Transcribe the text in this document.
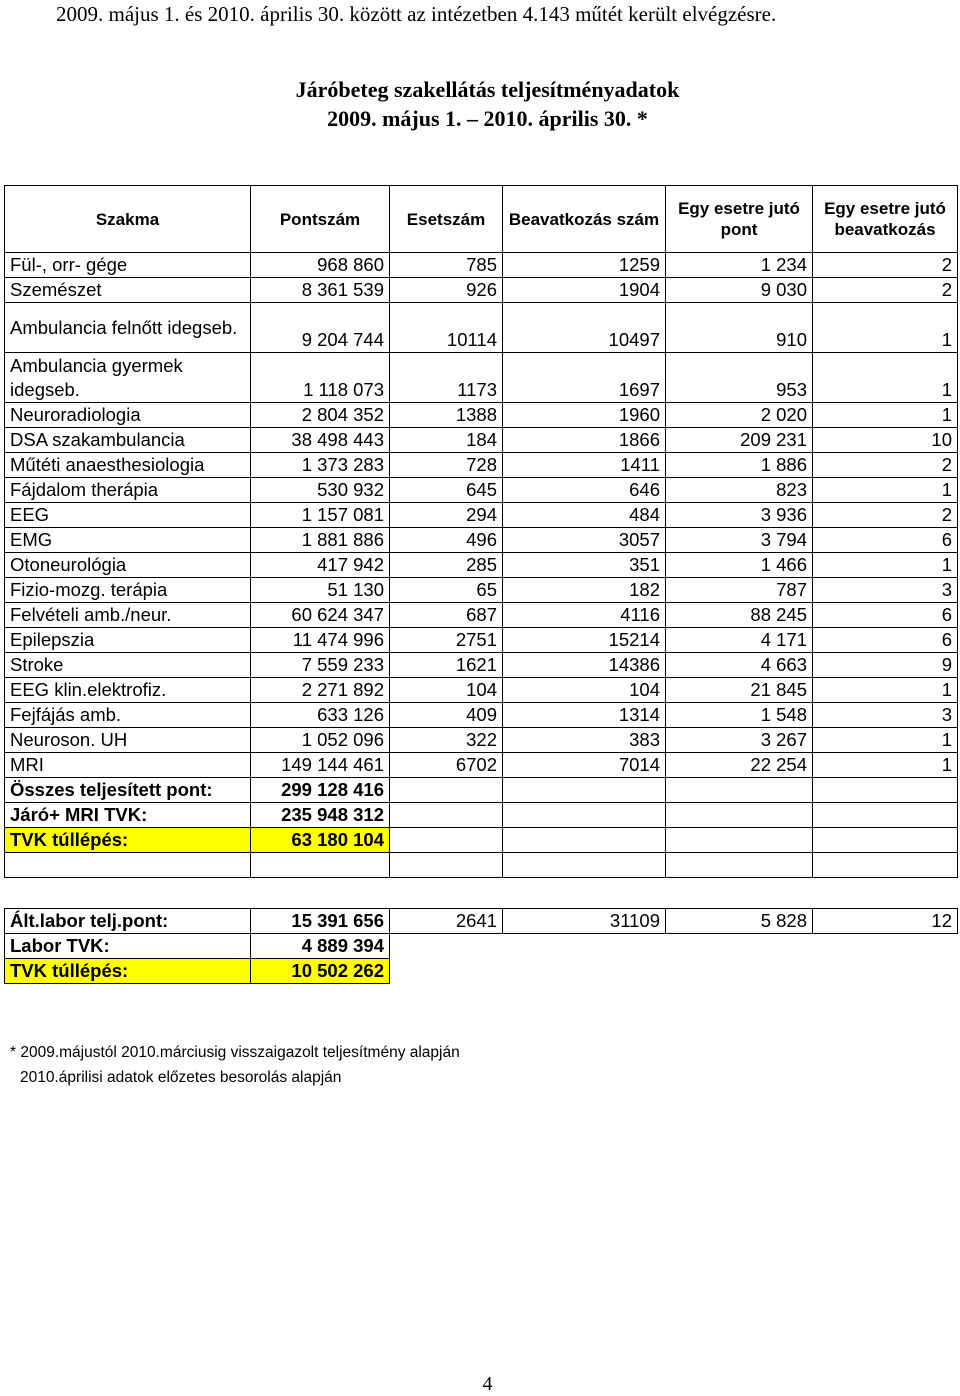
2009. május 1. és 2010. április 30. között az intézetben 4.143 műtét került elvégzésre.
Járóbeteg szakellátás teljesítményadatok
2009. május 1. – 2010. április 30. *
Szakma	Pontszám	Esetszám	Beavatkozás szám	Egy esetre jutó pont	Egy esetre jutó beavatkozás
Fül-, orr- gége	968 860	785	1259	1 234	2
Szemészet	8 361 539	926	1904	9 030	2
Ambulancia felnőtt idegseb.	9 204 744	10114	10497	910	1
Ambulancia gyermek idegseb.	1 118 073	1173	1697	953	1
Neuroradiologia	2 804 352	1388	1960	2 020	1
DSA szakambulancia	38 498 443	184	1866	209 231	10
Műtéti anaesthesiologia	1 373 283	728	1411	1 886	2
Fájdalom therápia	530 932	645	646	823	1
EEG	1 157 081	294	484	3 936	2
EMG	1 881 886	496	3057	3 794	6
Otoneurológia	417 942	285	351	1 466	1
Fizio-mozg. terápia	51 130	65	182	787	3
Felvételi amb./neur.	60 624 347	687	4116	88 245	6
Epilepszia	11 474 996	2751	15214	4 171	6
Stroke	7 559 233	1621	14386	4 663	9
EEG klin.elektrofiz.	2 271 892	104	104	21 845	1
Fejfájás amb.	633 126	409	1314	1 548	3
Neuroson. UH	1 052 096	322	383	3 267	1
MRI	149 144 461	6702	7014	22 254	1
Összes teljesített pont:	299 128 416				
Járó+ MRI TVK:	235 948 312				
TVK túllépés:	63 180 104				

Ált.labor telj.pont:	15 391 656	2641	31109	5 828	12
Labor TVK:	4 889 394				
TVK túllépés:	10 502 262				
* 2009.májustól 2010.márciusig visszaigazolt teljesítmény alapján
2010.áprilisi adatok előzetes besorolás alapján
4
